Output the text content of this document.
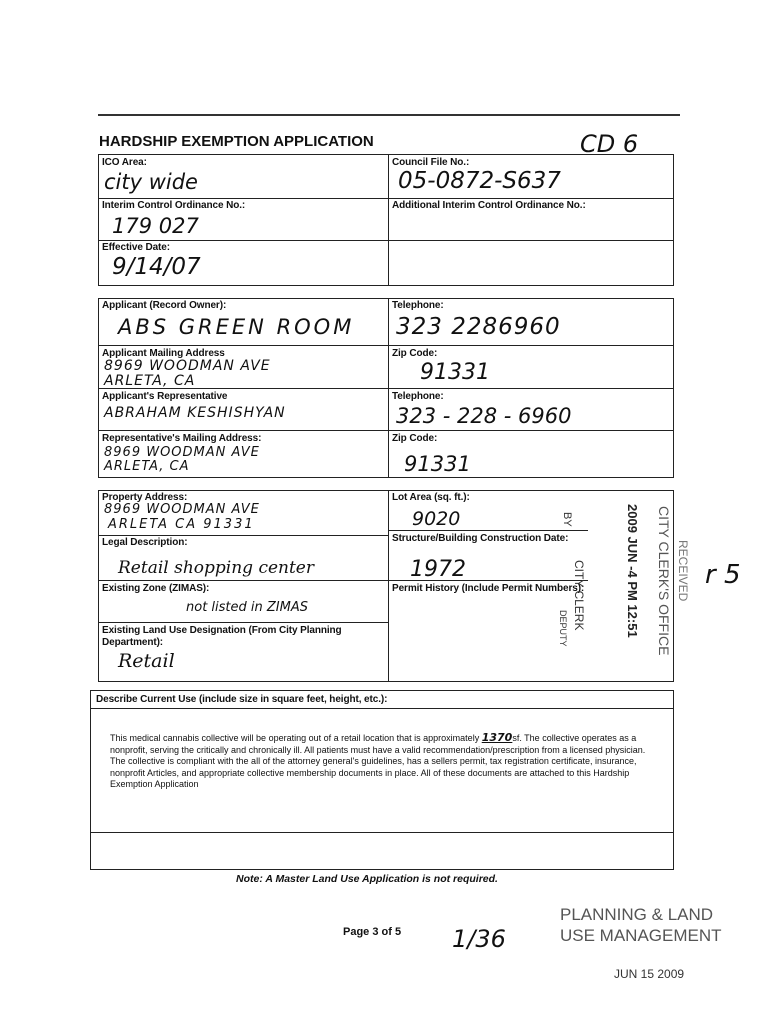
HARDSHIP EXEMPTION APPLICATION	CD 6
ICO Area:
city wide
Council File No.:
05-0872-S637
Interim Control Ordinance No.:
179 027
Additional Interim Control Ordinance No.:
Effective Date:
9/14/07
Applicant (Record Owner):
ABS GREEN ROOM
Telephone:
323 2286960
Applicant Mailing Address
8969 WOODMAN AVE
ARLETA, CA
Zip Code:
91331
Applicant's Representative
ABRAHAM KESHISHYAN
Telephone:
323 - 228 - 6960
Representative's Mailing Address:
8969 WOODMAN AVE
ARLETA, CA
Zip Code:
91331
Property Address:
8969 WOODMAN AVE
ARLETA CA 91331
Lot Area (sq. ft.):
9020
Legal Description:
Retail shopping center
Structure/Building Construction Date:
1972
Existing Zone (ZIMAS):
not listed in ZIMAS
Permit History (Include Permit Numbers):
Existing Land Use Designation (From City Planning Department):
Retail
CITY CLERK
BY
DEPUTY	2009 JUN -4 PM 12:51 CITY CLERK'S OFFICE RECEIVED r 5
Describe Current Use (include size in square feet, height, etc.):
This medical cannabis collective will be operating out of a retail location that is approximately 1370sf. The collective operates as a nonprofit, serving the critically and chronically ill. All patients must have a valid recommendation/prescription from a licensed physician. The collective is compliant with the all of the attorney general's guidelines, has a sellers permit, tax registration certificate, insurance, nonprofit Articles, and appropriate collective membership documents in place. All of these documents are attached to this Hardship Exemption Application
Note: A Master Land Use Application is not required.
Page 3 of 5 1/36
PLANNING & LAND
USE MANAGEMENT
JUN 15 2009
